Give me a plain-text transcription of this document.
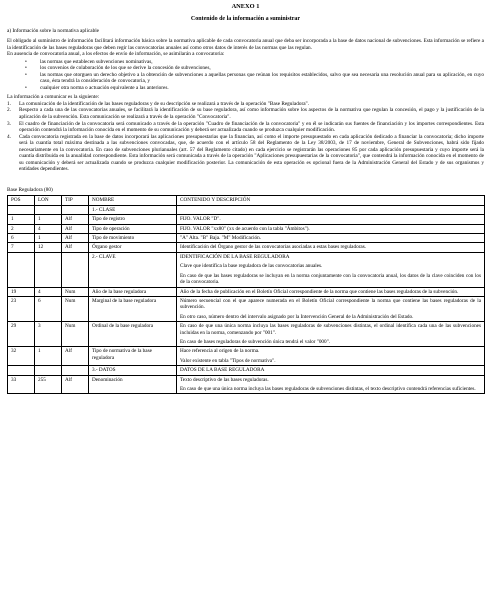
ANEXO 1
Contenido de la información a suministrar
a) Información sobre la normativa aplicable

El obligado al suministro de información facilitará información básica sobre la normativa aplicable de cada convocatoria anual que deba ser incorporada a la base de datos nacional de subvenciones. Esta información se refiere a la identificación de las bases reguladoras que deben regir las convocatorias anuales así como otros datos de interés de las normas que las regulan.

En ausencia de convocatoria anual, a los efectos de envío de información, se asimilarán a convocatoria:

• las normas que establecen subvenciones nominativas,
• los convenios de colaboración de los que se derive la concesión de subvenciones,
• las normas que otorguen un derecho objetivo a la obtención de subvenciones a aquellas personas que reúnan los requisitos establecidos, salvo que sea necesaria una resolución anual para su aplicación, en cuyo caso, ésta tendrá la consideración de convocatoria, y
• cualquier otra norma o actuación equivalente a las anteriores.

La información a comunicar es la siguiente:

1. La comunicación de la identificación de las bases reguladoras y de su descripción se realizará a través de la operación "Base Reguladora".
2. Respecto a cada una de las convocatorias anuales, se facilitará la identificación de su base reguladora, así como información sobre los aspectos de la normativa que regulan la concesión, el pago y la justificación de la aplicación de la subvención. Esta comunicación se realizará a través de la operación "Convocatoria".
3. El cuadro de financiación de la convocatoria será comunicado a través de la operación "Cuadro de financiación de la convocatoria" y en él se indicarán sus fuentes de financiación y los importes correspondientes. Esta operación contendrá la información conocida en el momento de su comunicación y deberá ser actualizada cuando se produzca cualquier modificación.
4. Cada convocatoria registrada en la base de datos incorporará las aplicaciones presupuestarias que la financian, así como el importe presupuestado en cada aplicación dedicado a financiar la convocatoria; dicho importe será la cuantía total máxima destinada a las subvenciones convocadas, que, de acuerdo con el artículo 58 del Reglamento de la Ley 38/2003, de 17 de noviembre, General de Subvenciones, habrá sido fijado necesariamente en la convocatoria. En caso de subvenciones plurianuales (art. 57 del Reglamento citado) en cada ejercicio se registrarán las operaciones 85 por cada aplicación presupuestaria y cuyo importe será la cuantía distribuida en la anualidad correspondiente. Esta información será comunicada a través de la operación "Aplicaciones presupuestarias de la convocatoria", que contendrá la información conocida en el momento de su comunicación y deberá ser actualizada cuando se produzca cualquier modificación posterior. La comunicación de esta operación es opcional fuera de la Administración General del Estado y de sus organismos y entidades dependientes.
Base Reguladora (80)
POS	LON	TIP	NOMBRE	CONTENIDO Y DESCRIPCIÓN
			1.- CLASE	
1	1	Alf	Tipo de registro	FIJO. VALOR "D".

2	4	Alf	Tipo de operación	FIJO. VALOR "xx80" (xx de acuerdo con la tabla "Ámbitos").

6	1	Alf	Tipo de movimiento	"A" Alta. "B" Baja. "M" Modificación.

7	12	Alf	Órgano gestor	Identificación del Órgano gestor de las convocatorias asociadas a estas bases reguladoras.

			2.- CLAVE	IDENTIFICACIÓN DE LA BASE REGULADORA
Clave que identifica la base reguladora de las convocatorias anuales.
En caso de que las bases reguladoras se incluyan en la norma conjuntamente con la convocatoria anual, los datos de la clave coinciden con los de la convocatoria.

19	4	Num	Año de la base reguladora	Año de la fecha de publicación en el Boletín Oficial correspondiente de la norma que contiene las bases reguladoras de la subvención.

23	6	Num	Marginal de la base reguladora	Número secuencial con el que aparece numerada en el Boletín Oficial correspondiente la norma que contiene las bases reguladoras de la subvención.
En otro caso, número dentro del intervalo asignado por la Intervención General de la Administración del Estado.

29	3	Num	Ordinal de la base reguladora	En caso de que una única norma incluya las bases reguladoras de subvenciones distintas, el ordinal identifica cada una de las subvenciones incluidas en la norma, comenzando por "001".
En caso de bases reguladoras de subvención única tendrá el valor "000".

32	1	Alf	Tipo de normativa de la base reguladora	Hace referencia al origen de la norma.
Valor existente en tabla "Tipos de normativa".

			3.- DATOS	DATOS DE LA BASE REGULADORA

33	255	Alf	Denominación	Texto descriptivo de las bases reguladoras.
En caso de que una única norma incluya las bases reguladoras de subvenciones distintas, el texto descriptivo contendrá referencias suficientes.
